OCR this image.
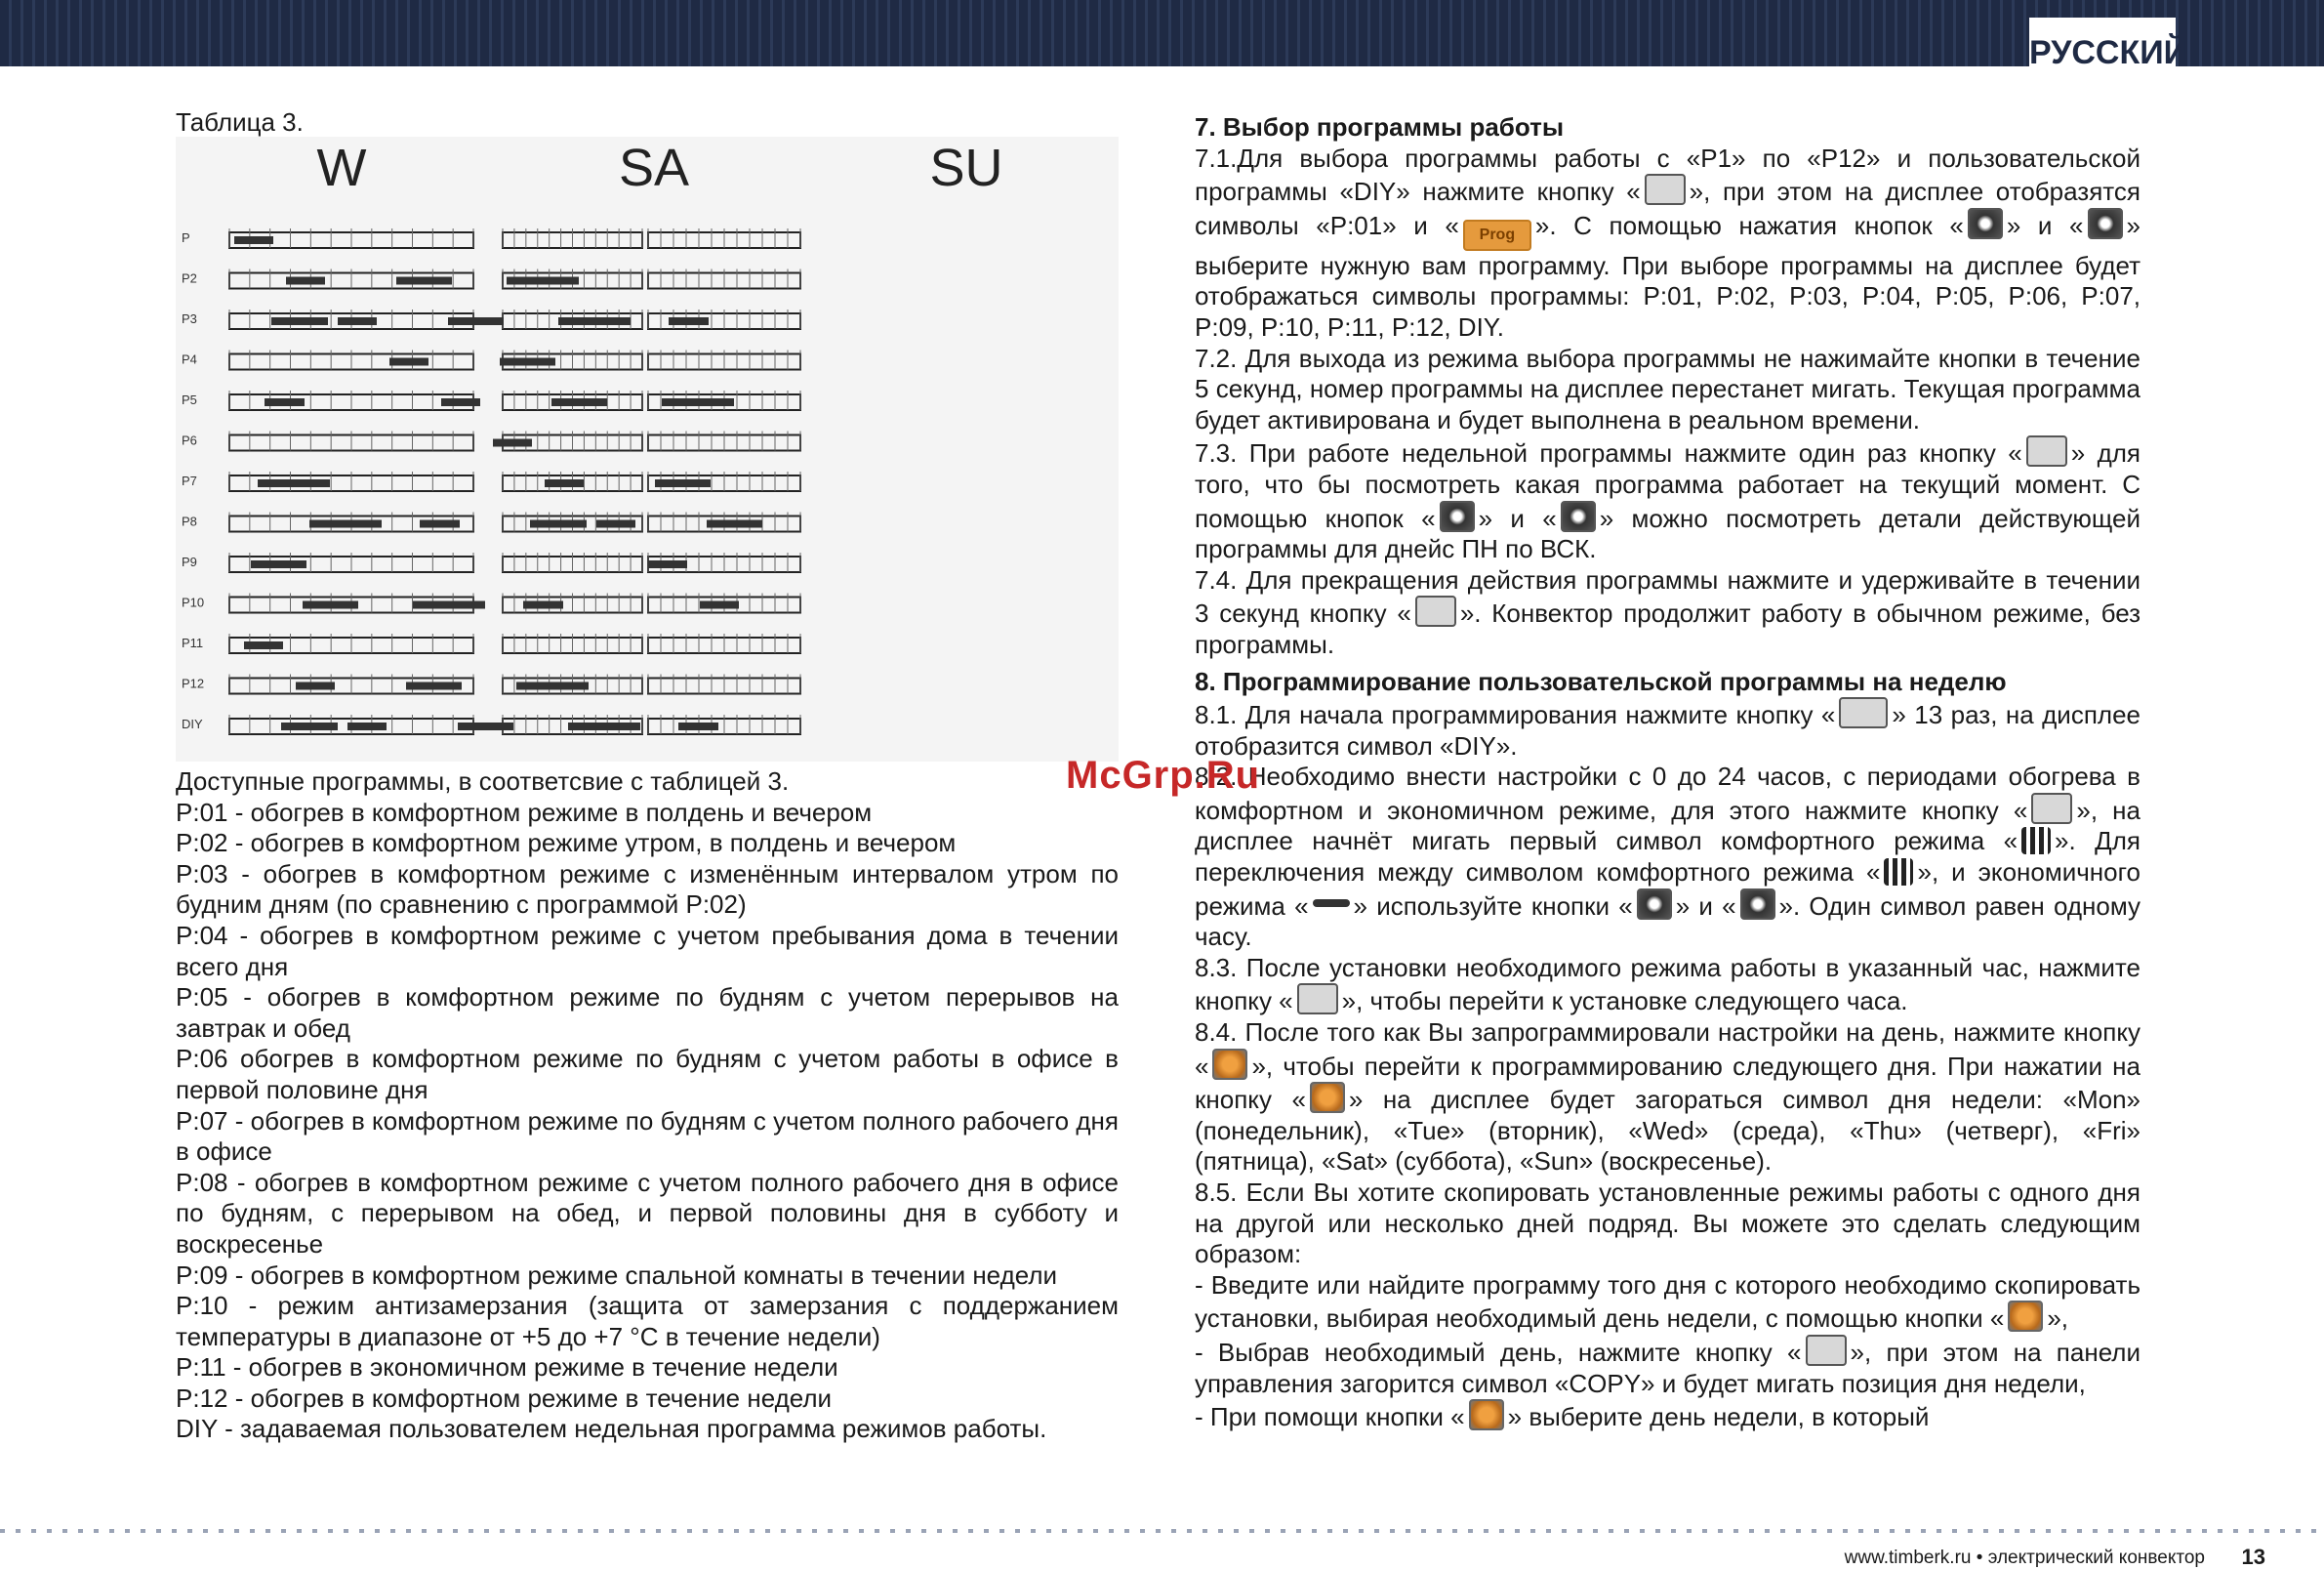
РУССКИЙ
Таблица 3.
W	SA	SU
P
P2
P3
P4
P5
P6
P7
P8
P9
P10
P11
P12
DIY

Доступные программы, в соответсвие с таблицей 3.

P:01 - обогрев в комфортном режиме в полдень и вечером

P:02 - обогрев в комфортном режиме утром, в полдень и вечером

P:03 - обогрев в комфортном режиме с изменённым интервалом утром по будним дням (по сравнению с программой P:02)

P:04 - обогрев в комфортном режиме с учетом пребывания дома в течении всего дня

P:05 - обогрев в комфортном режиме по будням с учетом перерывов на завтрак и обед

P:06 обогрев в комфортном режиме по будням с учетом работы в офисе в первой половине дня

P:07 - обогрев в комфортном режиме по будням с учетом полного рабочего дня в офисе

P:08 - обогрев в комфортном режиме с учетом полного рабочего дня в офисе по будням, с перерывом на обед, и первой половины дня в субботу и воскресенье

P:09 - обогрев в комфортном режиме спальной комнаты в течении недели

P:10 - режим антизамерзания (защита от замерзания с поддержанием температуры в диапазоне от +5 до +7 °С в течение недели)

P:11 - обогрев в экономичном режиме в течение недели

P:12 - обогрев в комфортном режиме в течение недели

DIY - задаваемая пользователем недельная программа режимов работы.

7. Выбор программы работы

7.1.Для выбора программы работы с «P1» по «P12» и пользовательской программы «DIY» нажмите кнопку « », при этом на дисплее отобразятся символы «P:01» и « Prog ». С помощью нажатия кнопок « » и « » выберите нужную вам программу. При выборе программы на дисплее будет отображаться символы программы: P:01, P:02, P:03, P:04, P:05, P:06, P:07, P:09, P:10, P:11, P:12, DIY.

7.2. Для выхода из режима выбора программы не нажимайте кнопки в течение 5 секунд, номер программы на дисплее перестанет мигать. Текущая программа будет активирована и будет выполнена в реальном времени.

7.3. При работе недельной программы нажмите один раз кнопку « » для того, что бы посмотреть какая программа работает на текущий момент. С помощью кнопок « » и « » можно посмотреть детали действующей программы для днейс ПН по ВСК.

7.4. Для прекращения действия программы нажмите и удерживайте в течении 3 секунд кнопку « ». Конвектор продолжит работу в обычном режиме, без программы.

8. Программирование пользовательской программы на неделю

8.1. Для начала программирования нажмите кнопку « » 13 раз, на дисплее отобразится символ «DIY».

8.2. Необходимо внести настройки с 0 до 24 часов, с периодами обогрева в комфортном и экономичном режиме, для этого нажмите кнопку « », на дисплее начнёт мигать первый символ комфортного режима « ». Для переключения между символом комфортного режима « », и экономичного режима « » используйте кнопки « » и « ». Один символ равен одному часу.

8.3. После установки необходимого режима работы в указанный час, нажмите кнопку « », чтобы перейти к установке следующего часа.

8.4. После того как Вы запрограммировали настройки на день, нажмите кнопку « », чтобы перейти к программированию следующего дня. При нажатии на кнопку « » на дисплее будет загораться символ дня недели: «Mon» (понедельник), «Tue» (вторник), «Wed» (среда), «Thu» (четверг), «Fri» (пятница), «Sat» (суббота), «Sun» (воскресенье).

8.5. Если Вы хотите скопировать установленные режимы работы с одного дня на другой или несколько дней подряд. Вы можете это сделать следующим образом:

- Введите или найдите программу того дня с которого необходимо скопировать установки, выбирая необходимый день недели, с помощью кнопки « »,

- Выбрав необходимый день, нажмите кнопку « », при этом на панели управления загорится символ «COPY» и будет мигать позиция дня недели,

- При помощи кнопки « » выберите день недели, в который

McGrp.Ru
www.timberk.ru • электрический конвектор 13
